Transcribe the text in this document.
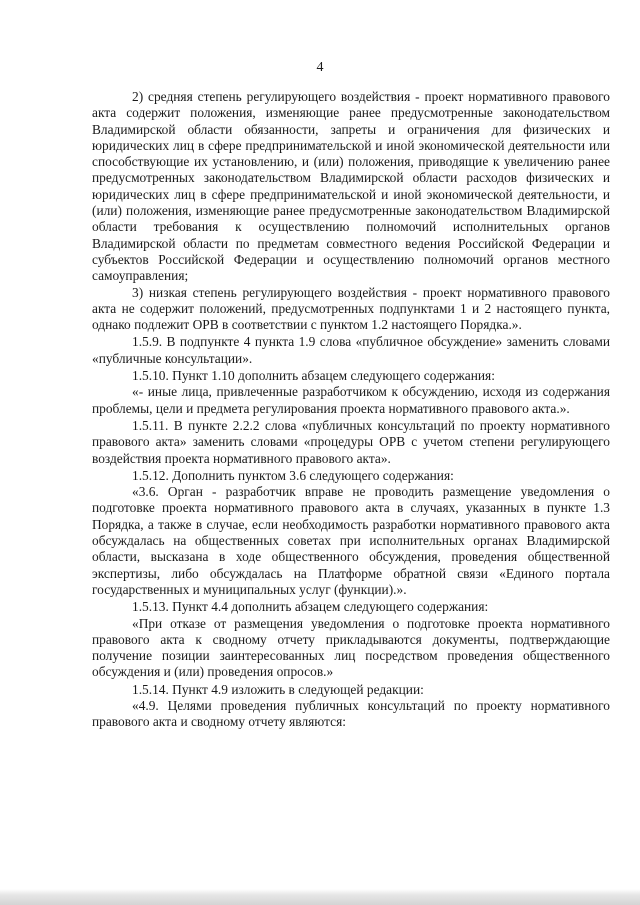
4

2) средняя степень регулирующего воздействия - проект нормативного правового акта содержит положения, изменяющие ранее предусмотренные законодательством Владимирской области обязанности, запреты и ограничения для физических и юридических лиц в сфере предпринимательской и иной экономической деятельности или способствующие их установлению, и (или) положения, приводящие к увеличению ранее предусмотренных законодательством Владимирской области расходов физических и юридических лиц в сфере предпринимательской и иной экономической деятельности, и (или) положения, изменяющие ранее предусмотренные законодательством Владимирской области требования к осуществлению полномочий исполнительных органов Владимирской области по предметам совместного ведения Российской Федерации и субъектов Российской Федерации и осуществлению полномочий органов местного самоуправления;

3) низкая степень регулирующего воздействия - проект нормативного правового акта не содержит положений, предусмотренных подпунктами 1 и 2 настоящего пункта, однако подлежит ОРВ в соответствии с пунктом 1.2 настоящего Порядка.».

1.5.9. В подпункте 4 пункта 1.9 слова «публичное обсуждение» заменить словами «публичные консультации».

1.5.10. Пункт 1.10 дополнить абзацем следующего содержания:

«- иные лица, привлеченные разработчиком к обсуждению, исходя из содержания проблемы, цели и предмета регулирования проекта нормативного правового акта.».

1.5.11. В пункте 2.2.2 слова «публичных консультаций по проекту нормативного правового акта» заменить словами «процедуры ОРВ с учетом степени регулирующего воздействия проекта нормативного правового акта».

1.5.12. Дополнить пунктом 3.6 следующего содержания:

«3.6. Орган - разработчик вправе не проводить размещение уведомления о подготовке проекта нормативного правового акта в случаях, указанных в пункте 1.3 Порядка, а также в случае, если необходимость разработки нормативного правового акта обсуждалась на общественных советах при исполнительных органах Владимирской области, высказана в ходе общественного обсуждения, проведения общественной экспертизы, либо обсуждалась на Платформе обратной связи «Единого портала государственных и муниципальных услуг (функции).».

1.5.13. Пункт 4.4 дополнить абзацем следующего содержания:

«При отказе от размещения уведомления о подготовке проекта нормативного правового акта к сводному отчету прикладываются документы, подтверждающие получение позиции заинтересованных лиц посредством проведения общественного обсуждения и (или) проведения опросов.»

1.5.14. Пункт 4.9 изложить в следующей редакции:

«4.9. Целями проведения публичных консультаций по проекту нормативного правового акта и сводному отчету являются:
